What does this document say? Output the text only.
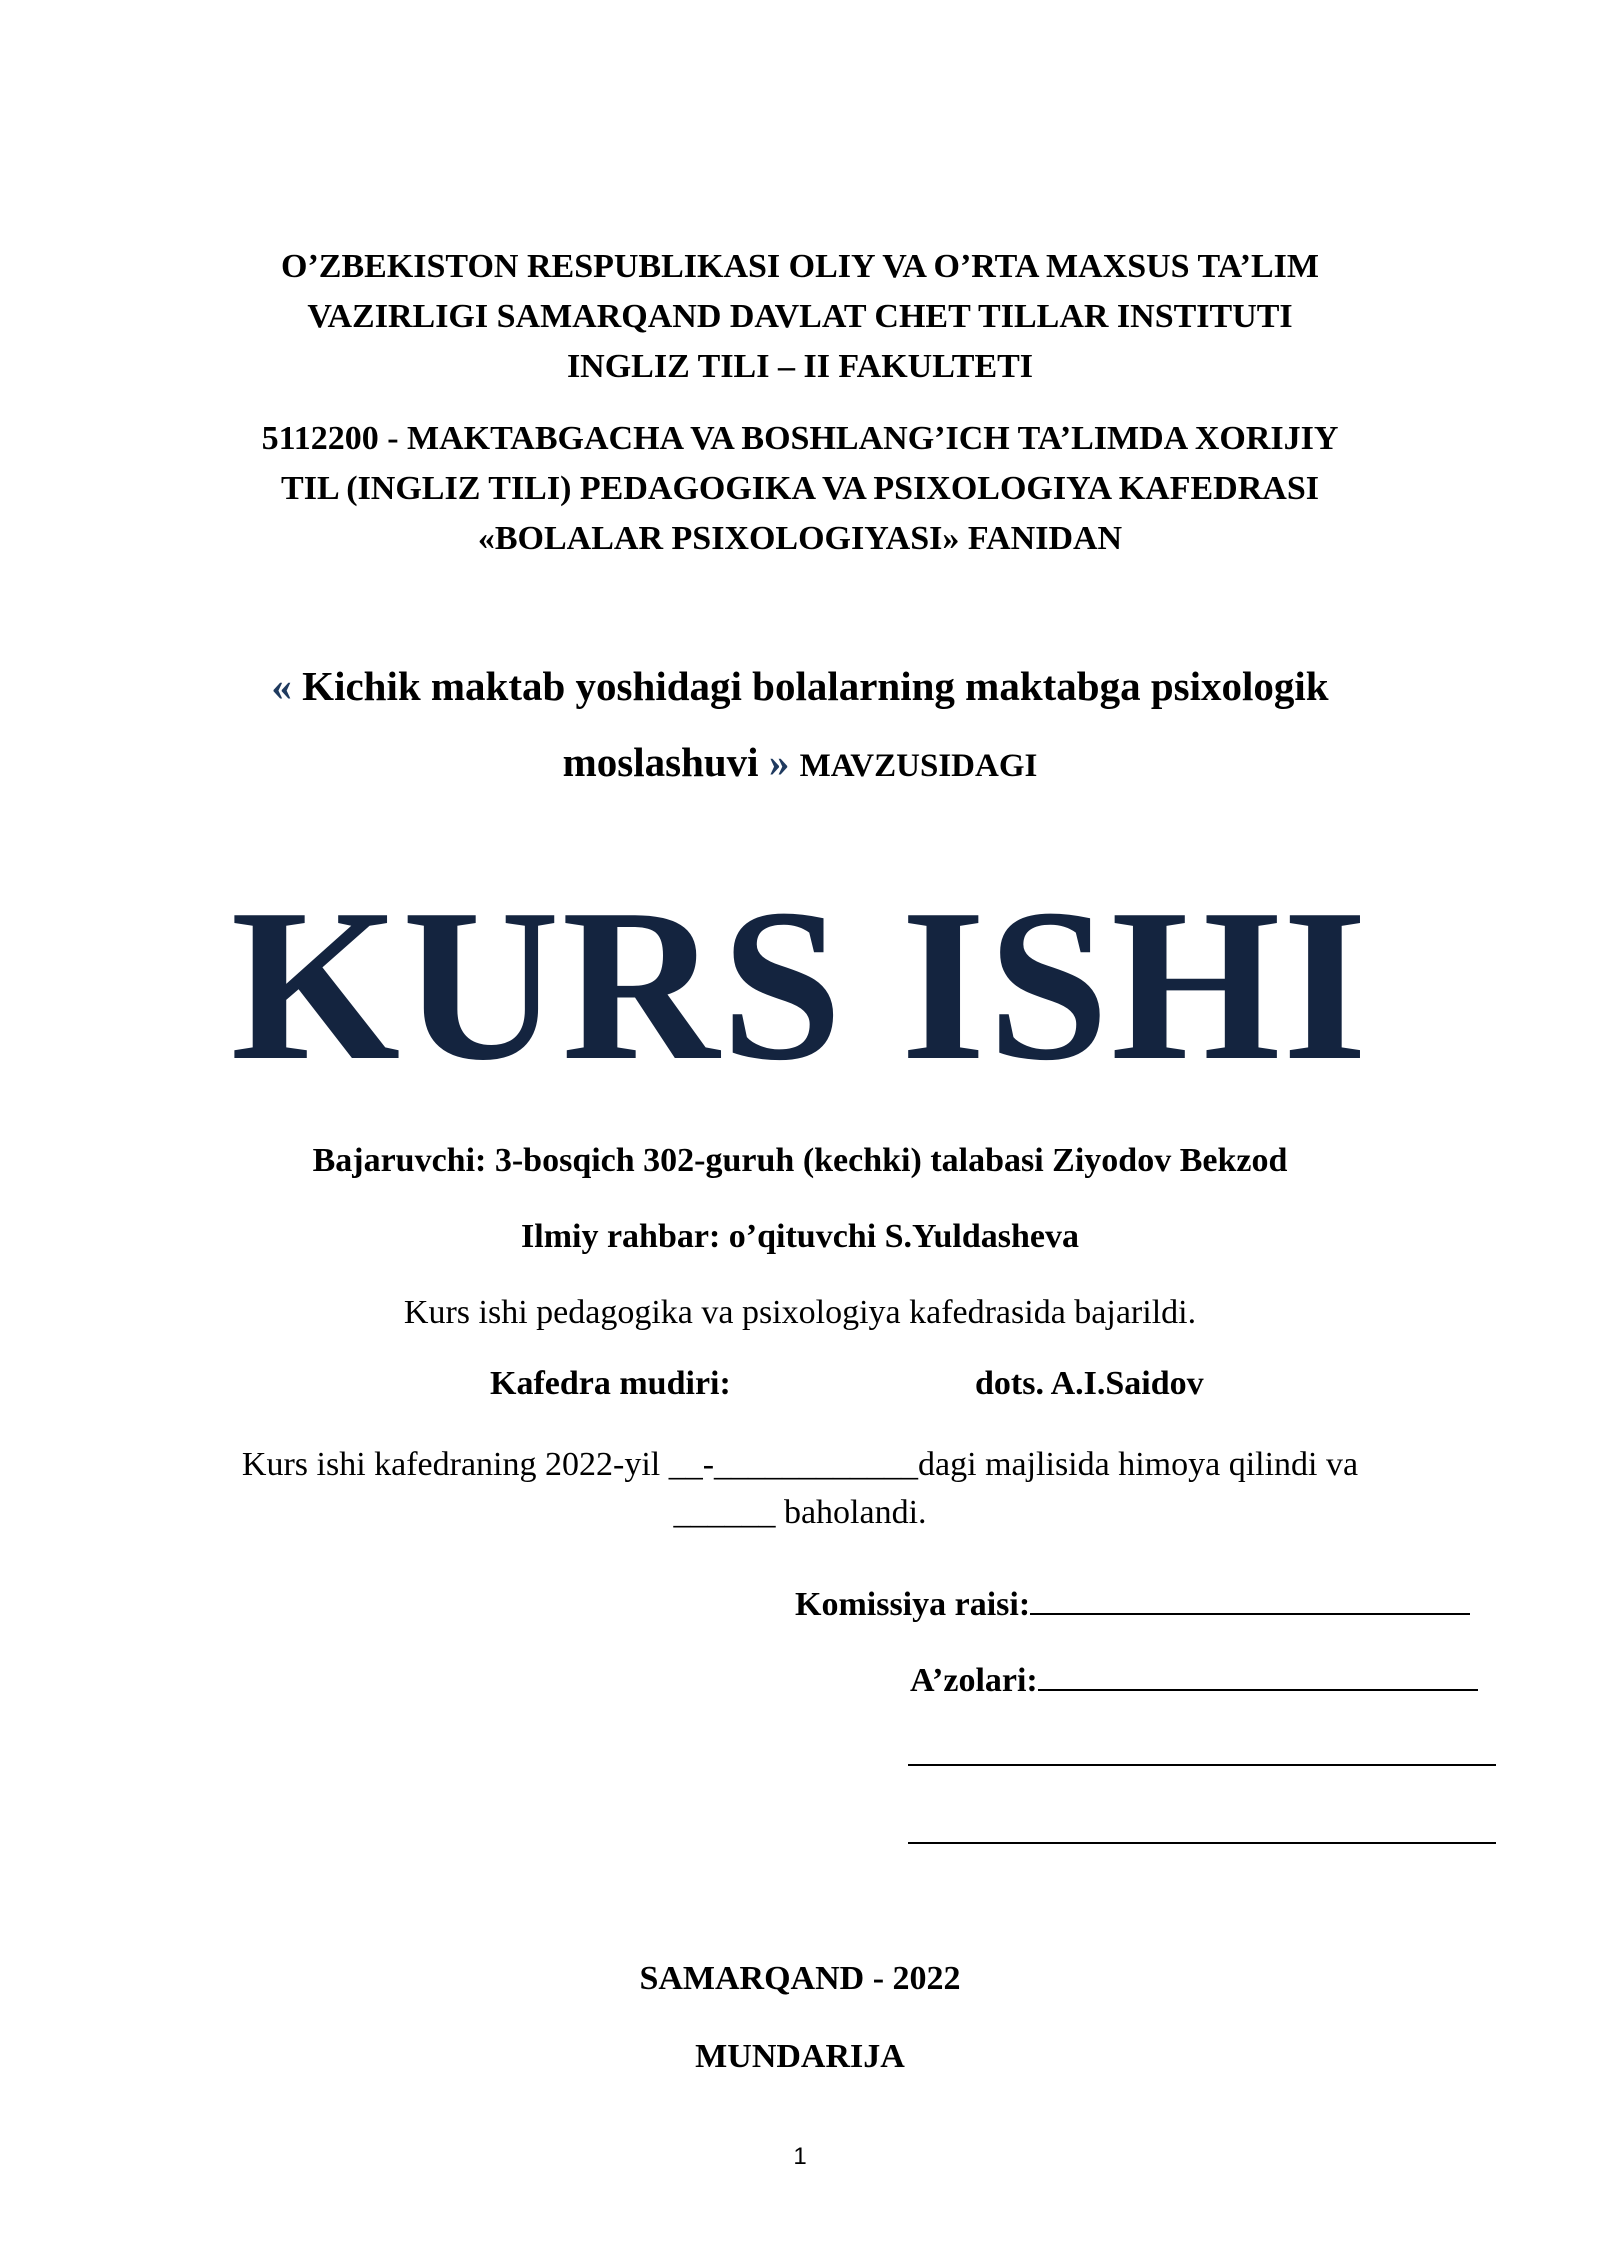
O’ZBEKISTON RESPUBLIKASI OLIY VA O’RTA MAXSUS TA’LIM
VAZIRLIGI SAMARQAND DAVLAT CHET TILLAR INSTITUTI
INGLIZ TILI – II FAKULTETI
5112200 - MAKTABGACHA VA BOSHLANG’ICH TA’LIMDA XORIJIY
TIL (INGLIZ TILI) PEDAGOGIKA VA PSIXOLOGIYA KAFEDRASI
«BOLALAR PSIXOLOGIYASI» FANIDAN
« Kichik maktab yoshidagi bolalarning maktabga psixologik
moslashuvi » MAVZUSIDAGI
KURS ISHI
Bajaruvchi: 3-bosqich 302-guruh (kechki) talabasi Ziyodov Bekzod
Ilmiy rahbar: o’qituvchi S.Yuldasheva
Kurs ishi pedagogika va psixologiya kafedrasida bajarildi.
Kafedra mudiri:	dots. A.I.Saidov
Kurs ishi kafedraning 2022-yil __-____________dagi majlisida himoya qilindi va
______ baholandi.
Komissiya raisi:
A’zolari:
SAMARQAND - 2022
MUNDARIJA
1
